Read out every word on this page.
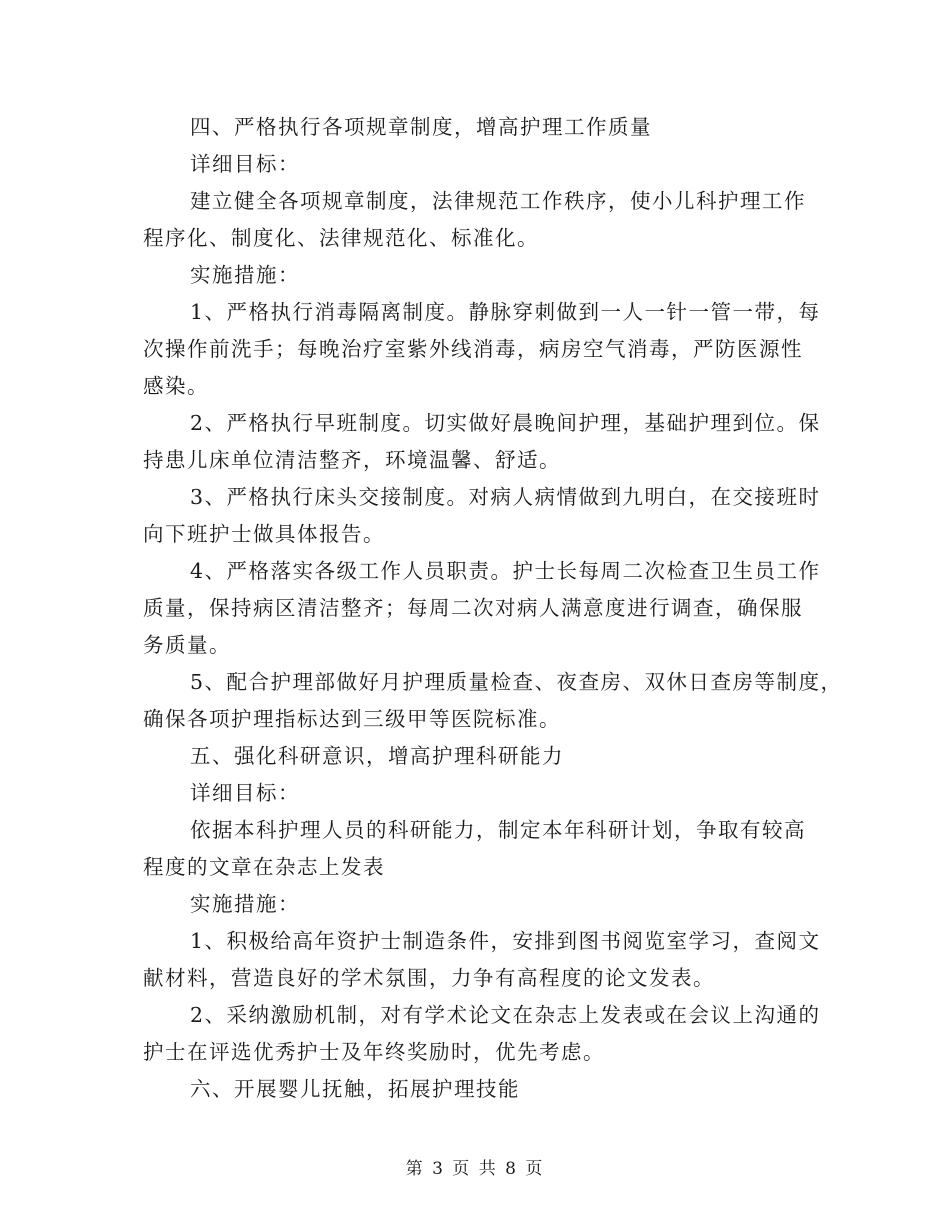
四、严格执行各项规章制度，增高护理工作质量
详细目标：
建立健全各项规章制度，法律规范工作秩序，使小儿科护理工作
程序化、制度化、法律规范化、标准化。
实施措施：
1、严格执行消毒隔离制度。静脉穿刺做到一人一针一管一带，每
次操作前洗手；每晚治疗室紫外线消毒，病房空气消毒，严防医源性
感染。
2、严格执行早班制度。切实做好晨晚间护理，基础护理到位。保
持患儿床单位清洁整齐，环境温馨、舒适。
3、严格执行床头交接制度。对病人病情做到九明白，在交接班时
向下班护士做具体报告。
4、严格落实各级工作人员职责。护士长每周二次检查卫生员工作
质量，保持病区清洁整齐；每周二次对病人满意度进行调查，确保服
务质量。
5、配合护理部做好月护理质量检查、夜查房、双休日查房等制度，
确保各项护理指标达到三级甲等医院标准。
五、强化科研意识，增高护理科研能力
详细目标：
依据本科护理人员的科研能力，制定本年科研计划，争取有较高
程度的文章在杂志上发表
实施措施：
1、积极给高年资护士制造条件，安排到图书阅览室学习，查阅文
献材料，营造良好的学术氛围，力争有高程度的论文发表。
2、采纳激励机制，对有学术论文在杂志上发表或在会议上沟通的
护士在评选优秀护士及年终奖励时，优先考虑。
六、开展婴儿抚触，拓展护理技能
第 3 页 共 8 页
